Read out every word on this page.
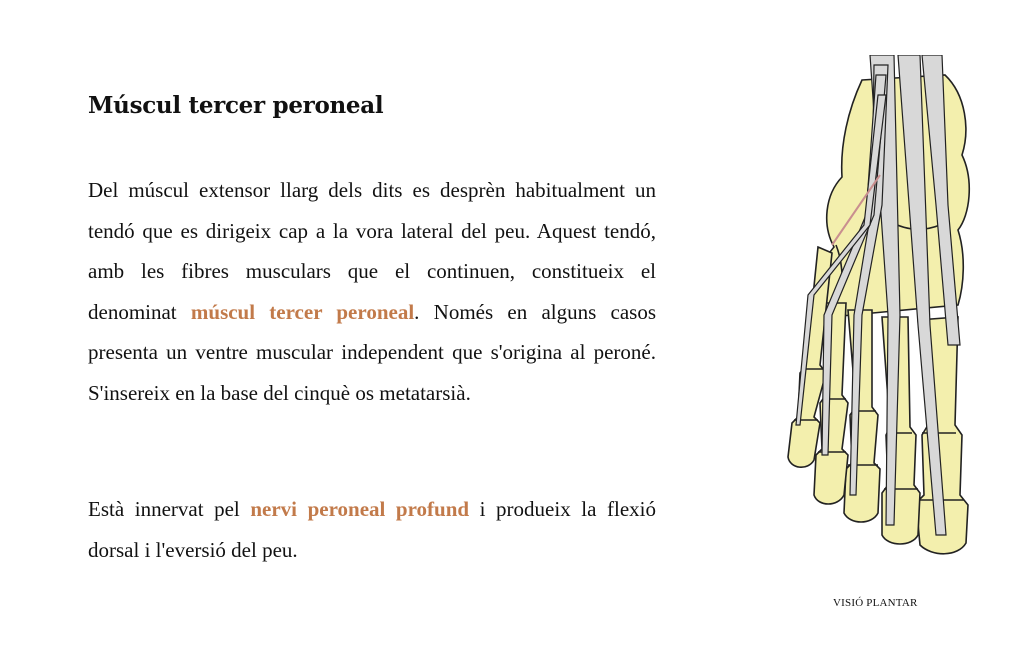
Múscul tercer peroneal

Del múscul extensor llarg dels dits es desprèn habitualment un tendó que es dirigeix cap a la vora lateral del peu. Aquest tendó, amb les fibres musculars que el continuen, constitueix el denominat múscul tercer peroneal. Només en alguns casos presenta un ventre muscular independent que s'origina al peroné. S'insereix en la base del cinquè os metatarsià.

Està innervat pel nervi peroneal profund i produeix la flexió dorsal i l'eversió del peu.

VISIÓ PLANTAR
